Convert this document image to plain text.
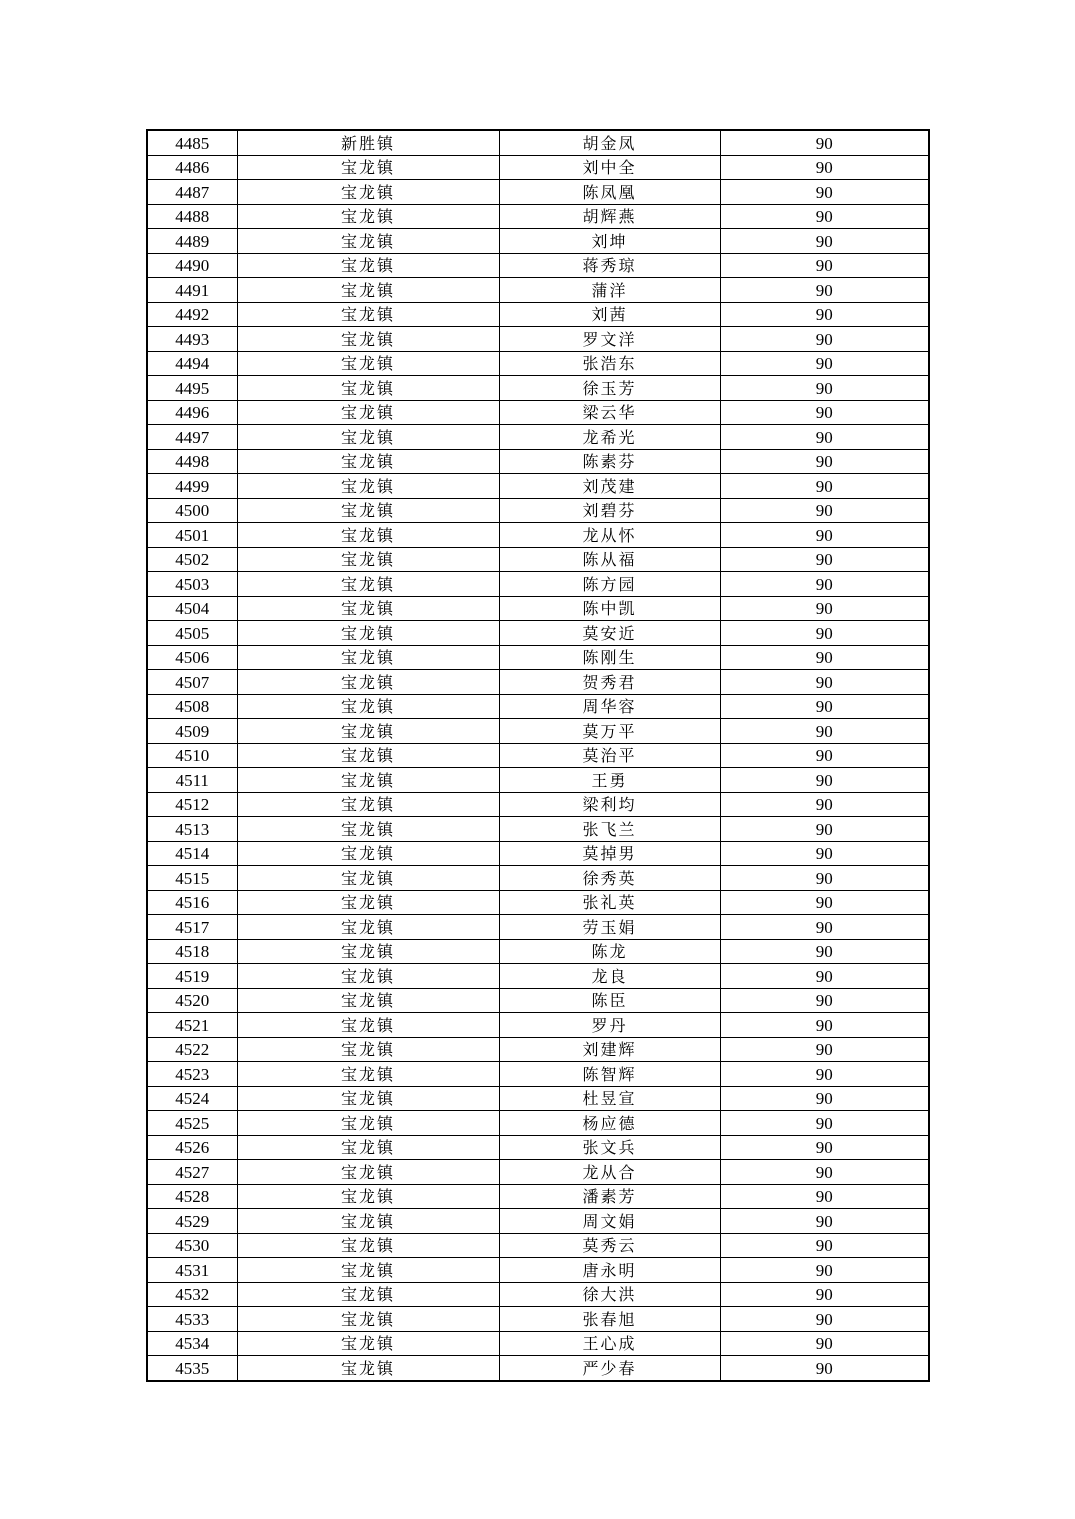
4485	新胜镇	胡金凤	90
4486	宝龙镇	刘中全	90
4487	宝龙镇	陈凤凰	90
4488	宝龙镇	胡辉燕	90
4489	宝龙镇	刘坤	90
4490	宝龙镇	蒋秀琼	90
4491	宝龙镇	蒲洋	90
4492	宝龙镇	刘茜	90
4493	宝龙镇	罗文洋	90
4494	宝龙镇	张浩东	90
4495	宝龙镇	徐玉芳	90
4496	宝龙镇	梁云华	90
4497	宝龙镇	龙希光	90
4498	宝龙镇	陈素芬	90
4499	宝龙镇	刘茂建	90
4500	宝龙镇	刘碧芬	90
4501	宝龙镇	龙从怀	90
4502	宝龙镇	陈从福	90
4503	宝龙镇	陈方园	90
4504	宝龙镇	陈中凯	90
4505	宝龙镇	莫安近	90
4506	宝龙镇	陈刚生	90
4507	宝龙镇	贺秀君	90
4508	宝龙镇	周华容	90
4509	宝龙镇	莫万平	90
4510	宝龙镇	莫治平	90
4511	宝龙镇	王勇	90
4512	宝龙镇	梁利均	90
4513	宝龙镇	张飞兰	90
4514	宝龙镇	莫掉男	90
4515	宝龙镇	徐秀英	90
4516	宝龙镇	张礼英	90
4517	宝龙镇	劳玉娟	90
4518	宝龙镇	陈龙	90
4519	宝龙镇	龙良	90
4520	宝龙镇	陈臣	90
4521	宝龙镇	罗丹	90
4522	宝龙镇	刘建辉	90
4523	宝龙镇	陈智辉	90
4524	宝龙镇	杜昱宣	90
4525	宝龙镇	杨应德	90
4526	宝龙镇	张文兵	90
4527	宝龙镇	龙从合	90
4528	宝龙镇	潘素芳	90
4529	宝龙镇	周文娟	90
4530	宝龙镇	莫秀云	90
4531	宝龙镇	唐永明	90
4532	宝龙镇	徐大洪	90
4533	宝龙镇	张春旭	90
4534	宝龙镇	王心成	90
4535	宝龙镇	严少春	90
